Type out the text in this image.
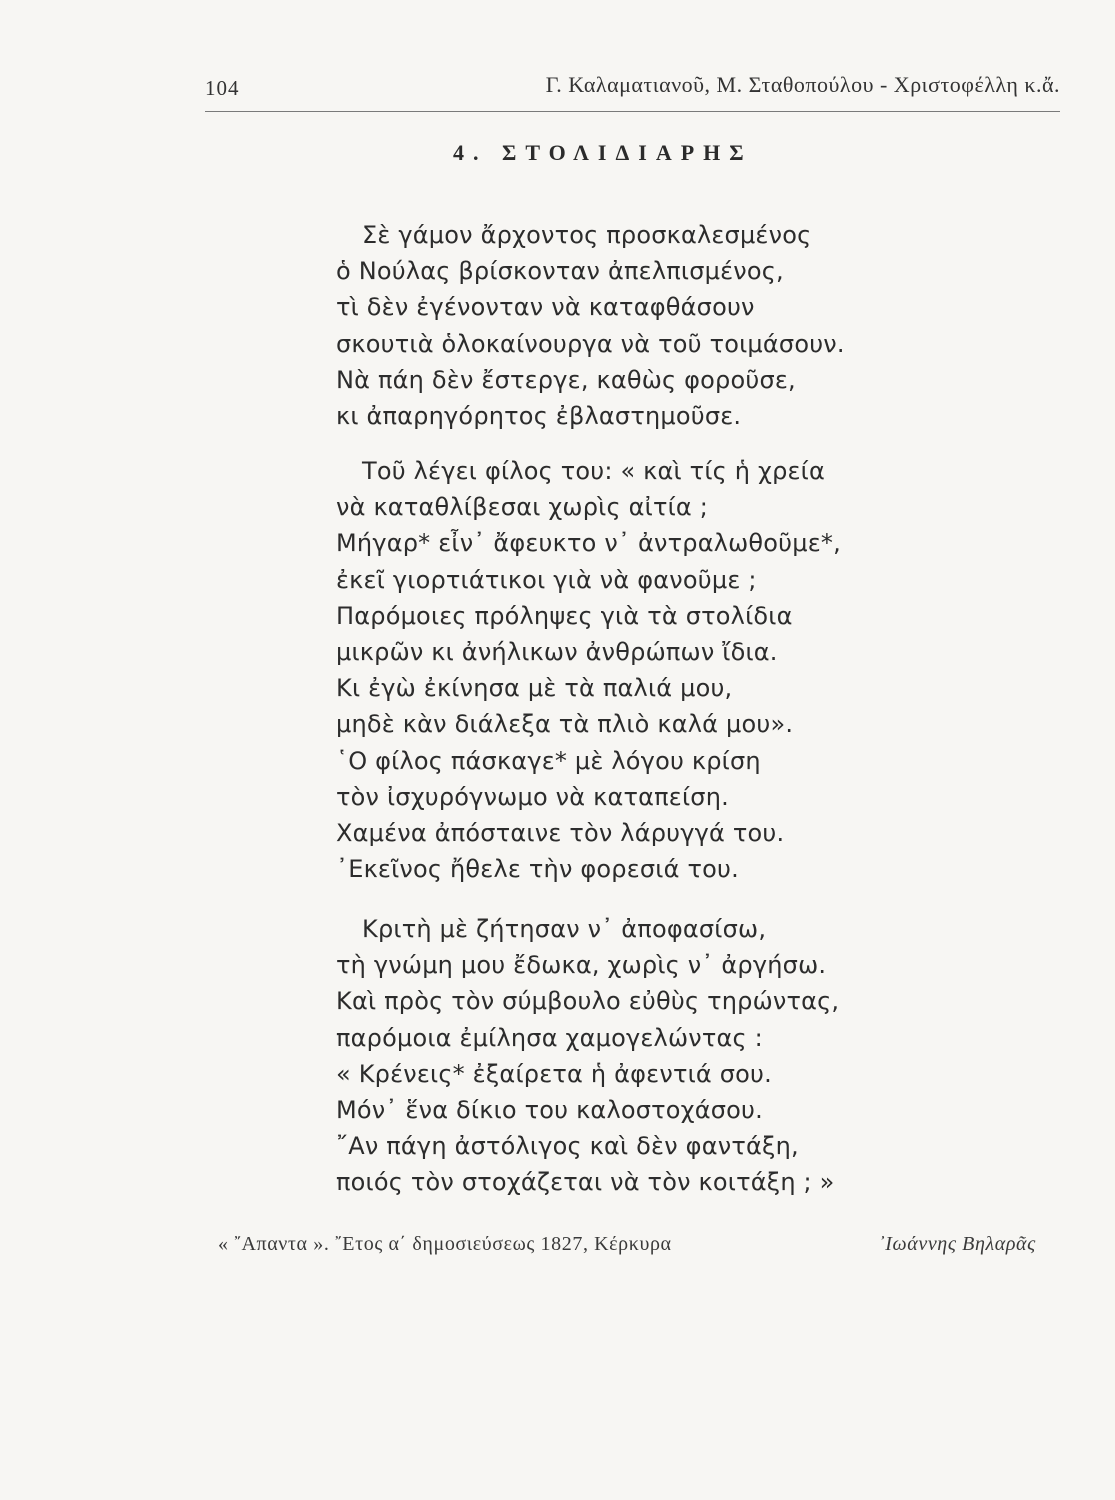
104	Γ. Καλαματιανοῦ, Μ. Σταθοπούλου - Χριστοφέλλη κ.ἄ.
4. ΣΤΟΛΙΔΙΑΡΗΣ
Σὲ γάμον ἄρχοντος προσκαλεσμένος
ὁ Νούλας βρίσκονταν ἀπελπισμένος,
τὶ δὲν ἐγένονταν νὰ καταφθάσουν
σκουτιὰ ὁλοκαίνουργα νὰ τοῦ τοιμάσουν.
Νὰ πάη δὲν ἔστεργε, καθὼς φοροῦσε,
κι ἀπαρηγόρητος ἐβλαστημοῦσε.
Τοῦ λέγει φίλος του: « καὶ τίς ἡ χρεία
νὰ καταθλίβεσαι χωρὶς αἰτία ;
Μήγαρ* εἶν᾽ ἄφευκτο ν᾽ ἀντραλωθοῦμε*,
ἐκεῖ γιορτιάτικοι γιὰ νὰ φανοῦμε ;
Παρόμοιες πρόληψες γιὰ τὰ στολίδια
μικρῶν κι ἀνήλικων ἀνθρώπων ἴδια.
Κι ἐγὼ ἐκίνησα μὲ τὰ παλιά μου,
μηδὲ κὰν διάλεξα τὰ πλιὸ καλά μου».
῾Ο φίλος πάσκαγε* μὲ λόγου κρίση
τὸν ἰσχυρόγνωμο νὰ καταπείση.
Χαμένα ἀπόσταινε τὸν λάρυγγά του.
᾽Εκεῖνος ἤθελε τὴν φορεσιά του.
Κριτὴ μὲ ζήτησαν ν᾽ ἀποφασίσω,
τὴ γνώμη μου ἔδωκα, χωρὶς ν᾽ ἀργήσω.
Καὶ πρὸς τὸν σύμβουλο εὐθὺς τηρώντας,
παρόμοια ἐμίλησα χαμογελώντας :
« Κρένεις* ἐξαίρετα ἡ ἀφεντιά σου.
Μόν᾽ ἕνα δίκιο του καλοστοχάσου.
῎Αν πάγη ἀστόλιγος καὶ δὲν φαντάξη,
ποιός τὸν στοχάζεται νὰ τὸν κοιτάξη ; »
« ῎Απαντα ». ῎Ετος α΄ δημοσιεύσεως 1827, Κέρκυρα	᾽Ιωάννης Βηλαρᾶς
